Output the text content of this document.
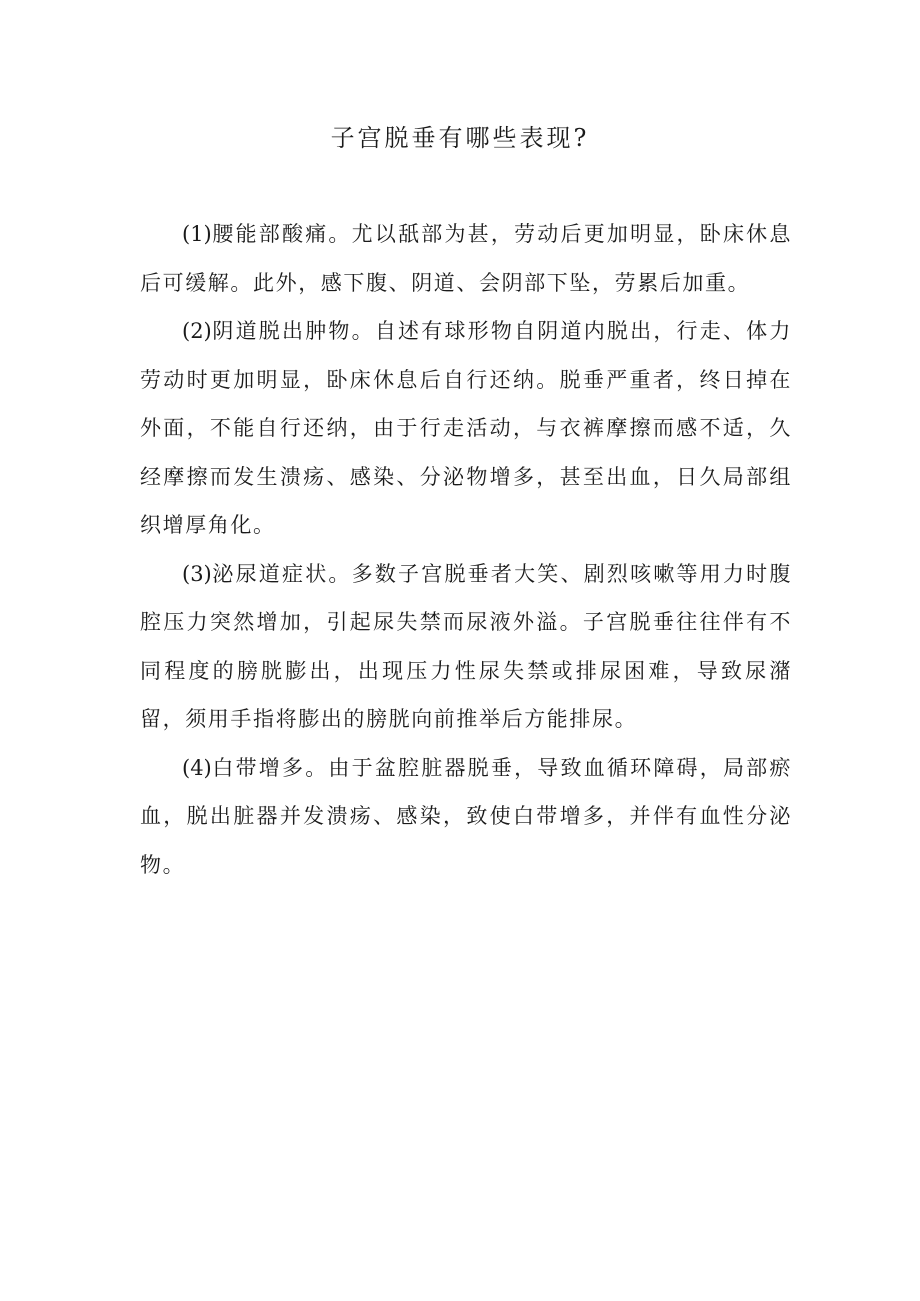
子宫脱垂有哪些表现?

(1)腰能部酸痛。尤以舐部为甚，劳动后更加明显，卧床休息后可缓解。此外，感下腹、阴道、会阴部下坠，劳累后加重。

(2)阴道脱出肿物。自述有球形物自阴道内脱出，行走、体力劳动时更加明显，卧床休息后自行还纳。脱垂严重者，终日掉在外面，不能自行还纳，由于行走活动，与衣裤摩擦而感不适，久经摩擦而发生溃疡、感染、分泌物增多，甚至出血，日久局部组织增厚角化。

(3)泌尿道症状。多数子宫脱垂者大笑、剧烈咳嗽等用力时腹腔压力突然增加，引起尿失禁而尿液外溢。子宫脱垂往往伴有不同程度的膀胱膨出，出现压力性尿失禁或排尿困难，导致尿潴留，须用手指将膨出的膀胱向前推举后方能排尿。

(4)白带增多。由于盆腔脏器脱垂，导致血循环障碍，局部瘀血，脱出脏器并发溃疡、感染，致使白带增多，并伴有血性分泌物。
